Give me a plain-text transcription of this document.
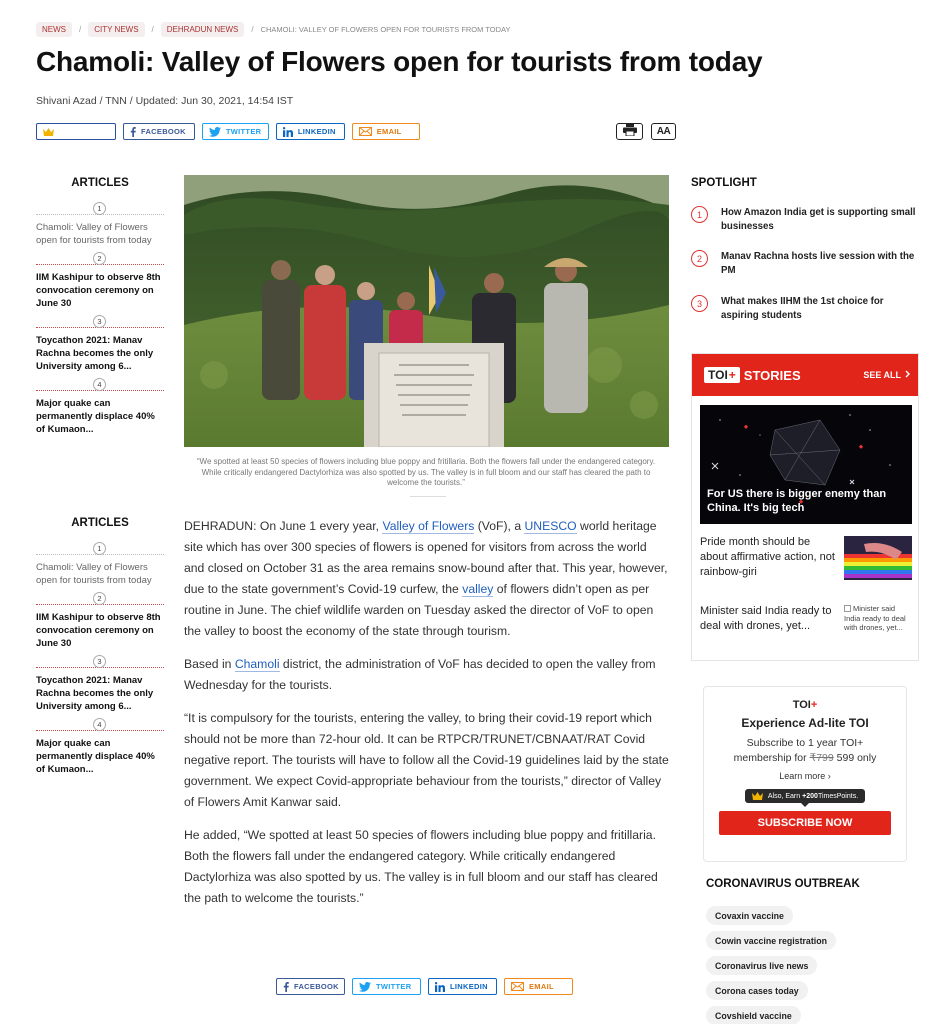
NEWS	/	CITY NEWS	/	DEHRADUN NEWS	/ CHAMOLI: VALLEY OF FLOWERS OPEN FOR TOURISTS FROM TODAY
Chamoli: Valley of Flowers open for tourists from today
Shivani Azad / TNN / Updated: Jun 30, 2021, 14:54 IST
FACEBOOK	TWITTER	LINKEDIN	EMAIL	AA
ARTICLES
1
Chamoli: Valley of Flowers open for tourists from today
2
IIM Kashipur to observe 8th convocation ceremony on June 30
3
Toycathon 2021: Manav Rachna becomes the only University among 6...
4
Major quake can permanently displace 40% of Kumaon...
ARTICLES
1
Chamoli: Valley of Flowers open for tourists from today
2
IIM Kashipur to observe 8th convocation ceremony on June 30
3
Toycathon 2021: Manav Rachna becomes the only University among 6...
4
Major quake can permanently displace 40% of Kumaon...
“We spotted at least 50 species of flowers including blue poppy and fritillaria. Both the flowers fall under the endangered category. While critically endangered Dactylorhiza was also spotted by us. The valley is in full bloom and our staff has cleared the path to welcome the tourists.”

DEHRADUN: On June 1 every year, Valley of Flowers (VoF), a UNESCO world heritage site which has over 300 species of flowers is opened for visitors from across the world and closed on October 31 as the area remains snow-bound after that. This year, however, due to the state government’s Covid-19 curfew, the valley of flowers didn’t open as per routine in June. The chief wildlife warden on Tuesday asked the director of VoF to open the valley to boost the economy of the state through tourism.

Based in Chamoli district, the administration of VoF has decided to open the valley from Wednesday for the tourists.

“It is compulsory for the tourists, entering the valley, to bring their covid-19 report which should not be more than 72-hour old. It can be RTPCR/TRUNET/CBNAAT/RAT Covid negative report. The tourists will have to follow all the Covid-19 guidelines laid by the state government. We expect Covid-appropriate behaviour from the tourists,” director of Valley of Flowers Amit Kanwar said.

He added, “We spotted at least 50 species of flowers including blue poppy and fritillaria. Both the flowers fall under the endangered category. While critically endangered Dactylorhiza was also spotted by us. The valley is in full bloom and our staff has cleared the path to welcome the tourists.”

FACEBOOK	TWITTER	LINKEDIN	EMAIL
SPOTLIGHT
1	How Amazon India get is supporting small businesses
2	Manav Rachna hosts live session with the PM
3	What makes IIHM the 1st choice for aspiring students
TOI + STORIES	SEE ALL
For US there is bigger enemy than China. It's big tech
Pride month should be about affirmative action, not rainbow-giri
Minister said India ready to deal with drones, yet...
Minister said India ready to deal with drones, yet...
TOI+
Experience Ad-lite TOI
Subscribe to 1 year TOI+ membership for ₹799 599 only
Learn more ›
Also, Earn +200 TimesPoints.
SUBSCRIBE NOW
CORONAVIRUS OUTBREAK
Covaxin vaccine
Cowin vaccine registration
Coronavirus live news
Corona cases today
Covshield vaccine
